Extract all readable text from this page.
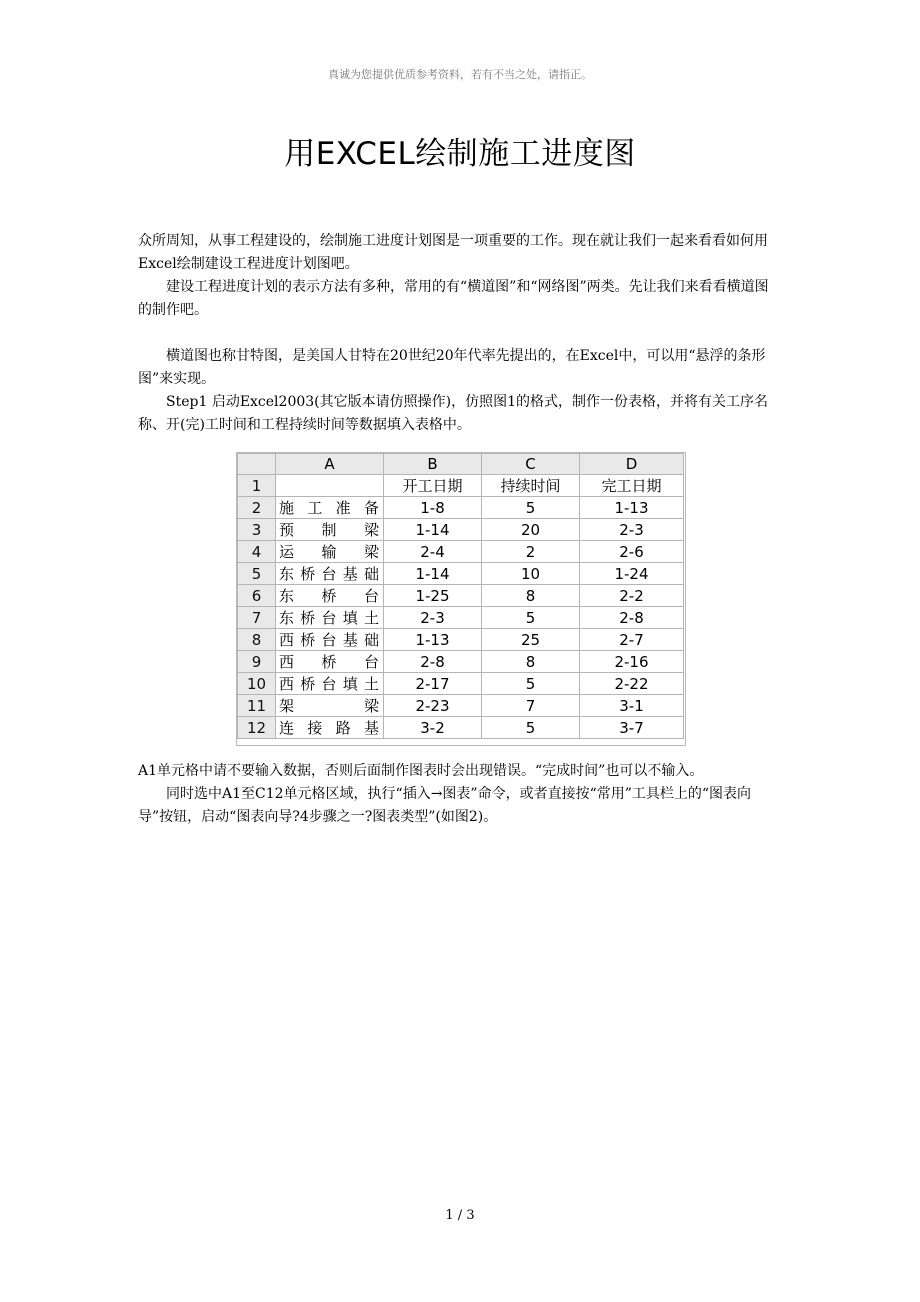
真诚为您提供优质参考资料，若有不当之处，请指正。
用EXCEL绘制施工进度图

众所周知，从事工程建设的，绘制施工进度计划图是一项重要的工作。现在就让我们一起来看看如何用Excel绘制建设工程进度计划图吧。

建设工程进度计划的表示方法有多种，常用的有“横道图”和“网络图”两类。先让我们来看看横道图的制作吧。

横道图也称甘特图，是美国人甘特在20世纪20年代率先提出的，在Excel中，可以用“悬浮的条形图”来实现。

Step1 启动Excel2003(其它版本请仿照操作)，仿照图1的格式，制作一份表格，并将有关工序名称、开(完)工时间和工程持续时间等数据填入表格中。

	A	B	C	D
1		开工日期	持续时间	完工日期
2	施工准备	1-8	5	1-13
3	预制梁	1-14	20	2-3
4	运输梁	2-4	2	2-6
5	东桥台基础	1-14	10	1-24
6	东桥台	1-25	8	2-2
7	东桥台填土	2-3	5	2-8
8	西桥台基础	1-13	25	2-7
9	西桥台	2-8	8	2-16
10	西桥台填土	2-17	5	2-22
11	架梁	2-23	7	3-1
12	连接路基	3-2	5	3-7

A1单元格中请不要输入数据，否则后面制作图表时会出现错误。“完成时间”也可以不输入。

同时选中A1至C12单元格区域，执行“插入→图表”命令，或者直接按“常用”工具栏上的“图表向导”按钮，启动“图表向导?4步骤之一?图表类型”(如图2)。

1 / 3
